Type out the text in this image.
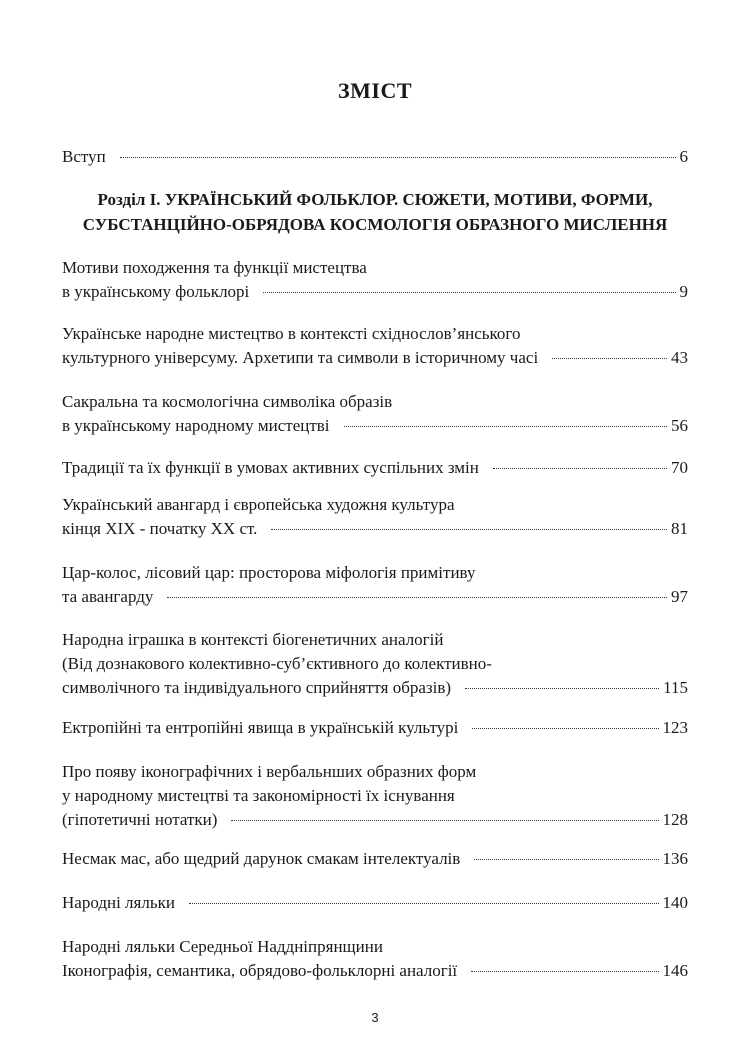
ЗМІСТ
Вступ	6
Розділ І. УКРАЇНСЬКИЙ ФОЛЬКЛОР. СЮЖЕТИ, МОТИВИ, ФОРМИ,
СУБСТАНЦІЙНО-ОБРЯДОВА КОСМОЛОГІЯ ОБРАЗНОГО МИСЛЕННЯ
Мотиви походження та функції мистецтва
в українському фольклорі	9
Українське народне мистецтво в контексті східнослов’янського
культурного універсуму. Архетипи та символи в історичному часі	43
Сакральна та космологічна символіка образів
в українському народному мистецтві	56
Традиції та їх функції в умовах активних суспільних змін	70
Український авангард і європейська художня культура
кінця ХІХ - початку ХХ ст.	81
Цар-колос, лісовий цар: просторова міфологія примітиву
та авангарду	97
Народна іграшка в контексті біогенетичних аналогій
(Від дознакового колективно-суб’єктивного до колективно-
символічного та індивідуального сприйняття образів)	115
Ектропійні та ентропійні явища в українській культурі	123
Про появу іконографічних і вербальнших образних форм
у народному мистецтві та закономірності їх існування
(гіпотетичні нотатки)	128
Несмак мас, або щедрий дарунок смакам інтелектуалів	136
Народні ляльки	140
Народні ляльки Середньої Наддніпрянщини
Іконографія, семантика, обрядово-фольклорні аналогії	146
3
